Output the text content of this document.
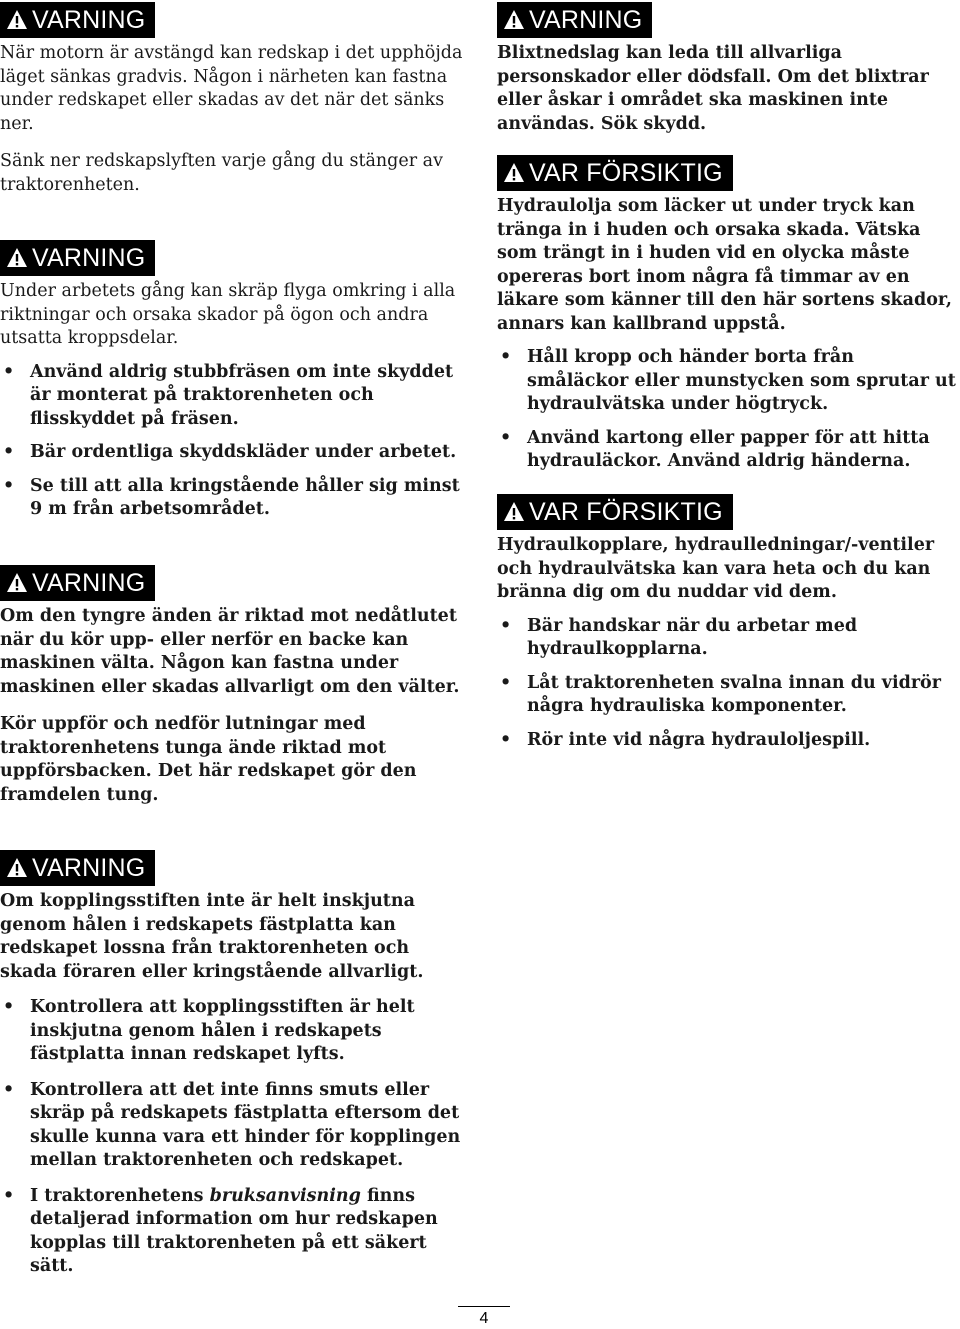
VARNING

När motorn är avstängd kan redskap i det upphöjda läget sänkas gradvis. Någon i närheten kan fastna under redskapet eller skadas av det när det sänks ner.

Sänk ner redskapslyften varje gång du stänger av traktorenheten.

VARNING

Under arbetets gång kan skräp flyga omkring i alla riktningar och orsaka skador på ögon och andra utsatta kroppsdelar.

• Använd aldrig stubbfräsen om inte skyddet är monterat på traktorenheten och flisskyddet på fräsen.
• Bär ordentliga skyddskläder under arbetet.
• Se till att alla kringstående håller sig minst 9 m från arbetsområdet.
VARNING

Om den tyngre änden är riktad mot nedåtlutet när du kör upp- eller nerför en backe kan maskinen välta. Någon kan fastna under maskinen eller skadas allvarligt om den välter.

Kör uppför och nedför lutningar med traktorenhetens tunga ände riktad mot uppförsbacken. Det här redskapet gör den framdelen tung.

VARNING

Om kopplingsstiften inte är helt inskjutna genom hålen i redskapets fästplatta kan redskapet lossna från traktorenheten och skada föraren eller kringstående allvarligt.

• Kontrollera att kopplingsstiften är helt inskjutna genom hålen i redskapets fästplatta innan redskapet lyfts.
• Kontrollera att det inte finns smuts eller skräp på redskapets fästplatta eftersom det skulle kunna vara ett hinder för kopplingen mellan traktorenheten och redskapet.
• I traktorenhetens bruksanvisning finns detaljerad information om hur redskapen kopplas till traktorenheten på ett säkert sätt.
VARNING

Blixtnedslag kan leda till allvarliga personskador eller dödsfall. Om det blixtrar eller åskar i området ska maskinen inte användas. Sök skydd.

VAR FÖRSIKTIG

Hydraulolja som läcker ut under tryck kan tränga in i huden och orsaka skada. Vätska som trängt in i huden vid en olycka måste opereras bort inom några få timmar av en läkare som känner till den här sortens skador, annars kan kallbrand uppstå.

• Håll kropp och händer borta från småläckor eller munstycken som sprutar ut hydraulvätska under högtryck.
• Använd kartong eller papper för att hitta hydrauläckor. Använd aldrig händerna.
VAR FÖRSIKTIG

Hydraulkopplare, hydraulledningar/-ventiler och hydraulvätska kan vara heta och du kan bränna dig om du nuddar vid dem.

• Bär handskar när du arbetar med hydraulkopplarna.
• Låt traktorenheten svalna innan du vidrör några hydrauliska komponenter.
• Rör inte vid några hydrauloljespill.
4
